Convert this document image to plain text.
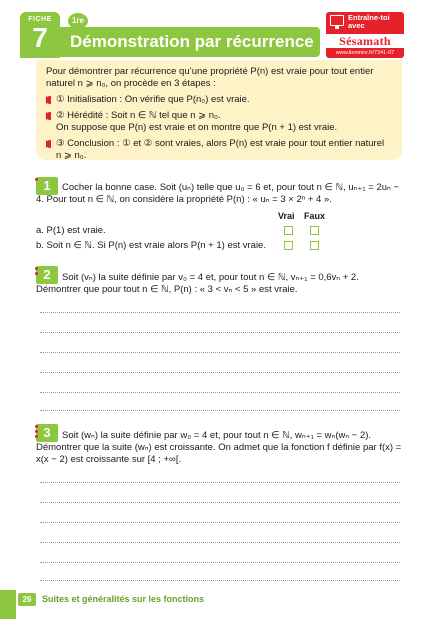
FICHE
7
1re
Démonstration par récurrence
Entraîne-toi avec
Sésamath
www.lienmini.fr/7341-07

Pour démontrer par récurrence qu’une propriété P(n) est vraie pour tout entier naturel n ⩾ n₀, on procède en 3 étapes :

① Initialisation : On vérifie que P(n₀) est vraie.
② Hérédité : Soit n ∈ ℕ tel que n ⩾ n₀.
On suppose que P(n) est vraie et on montre que P(n + 1) est vraie.
③ Conclusion : ① et ② sont vraies, alors P(n) est vraie pour tout entier naturel n ⩾ n₀.
1	Cocher la bonne case. Soit (uₙ) telle que u₀ = 6 et, pour tout n ∈ ℕ, uₙ₊₁ = 2uₙ − 4. Pour tout n ∈ ℕ, on considère la propriété P(n) : « uₙ = 3 × 2ⁿ + 4 ».

Vrai Faux

a. P(1) est vraie.

b. Soit n ∈ ℕ. Si P(n) est vraie alors P(n + 1) est vraie.

2	Soit (vₙ) la suite définie par v₀ = 4 et, pour tout n ∈ ℕ, vₙ₊₁ = 0,6vₙ + 2. Démontrer que pour tout n ∈ ℕ, P(n) : « 3 < vₙ < 5 » est vraie.

3	Soit (wₙ) la suite définie par w₀ = 4 et, pour tout n ∈ ℕ, wₙ₊₁ = wₙ(wₙ − 2). Démontrer que la suite (wₙ) est croissante. On admet que la fonction f définie par f(x) = x(x − 2) est croissante sur [4 ; +∞[.

26	Suites et généralités sur les fonctions
